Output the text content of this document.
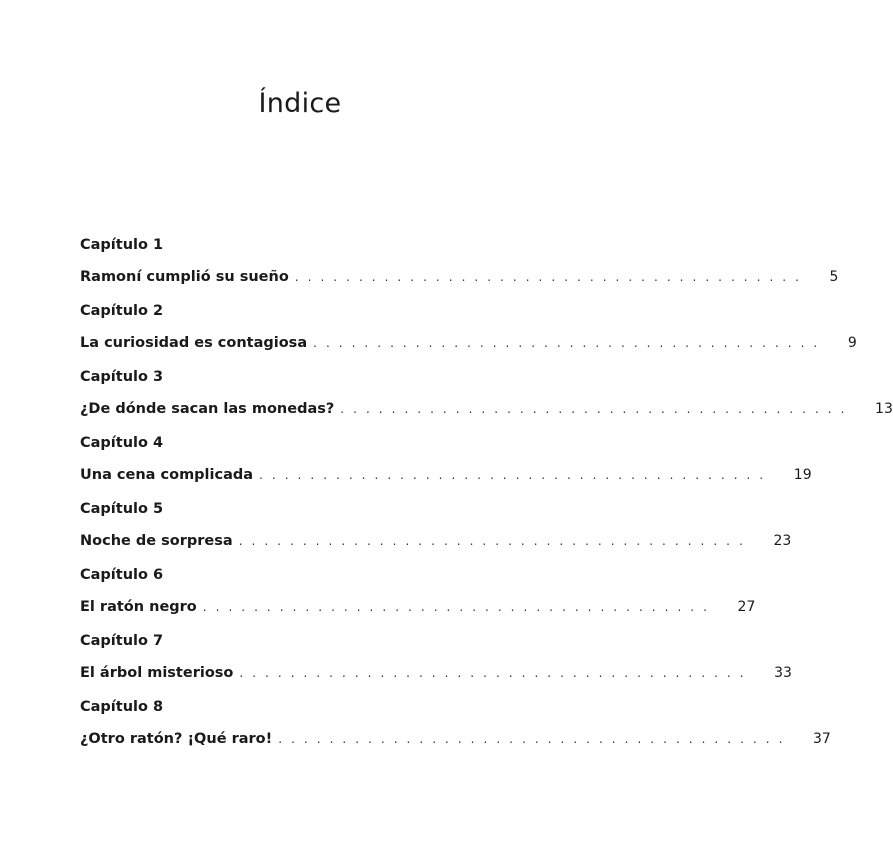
Índice
Capítulo 1
Ramoní cumplió su sueño . . . . . . . . . . . . . . . . . . . . . . . . . . . . . . . . . . . . . . . . 5
Capítulo 2
La curiosidad es contagiosa . . . . . . . . . . . . . . . . . . . . . . . . . . . . . . . . . . . . . . . . 9
Capítulo 3
¿De dónde sacan las monedas? . . . . . . . . . . . . . . . . . . . . . . . . . . . . . . . . . . . . . . . . 13
Capítulo 4
Una cena complicada . . . . . . . . . . . . . . . . . . . . . . . . . . . . . . . . . . . . . . . . 19
Capítulo 5
Noche de sorpresa . . . . . . . . . . . . . . . . . . . . . . . . . . . . . . . . . . . . . . . . 23
Capítulo 6
El ratón negro . . . . . . . . . . . . . . . . . . . . . . . . . . . . . . . . . . . . . . . . 27
Capítulo 7
El árbol misterioso . . . . . . . . . . . . . . . . . . . . . . . . . . . . . . . . . . . . . . . . 33
Capítulo 8
¿Otro ratón? ¡Qué raro! . . . . . . . . . . . . . . . . . . . . . . . . . . . . . . . . . . . . . . . . 37
